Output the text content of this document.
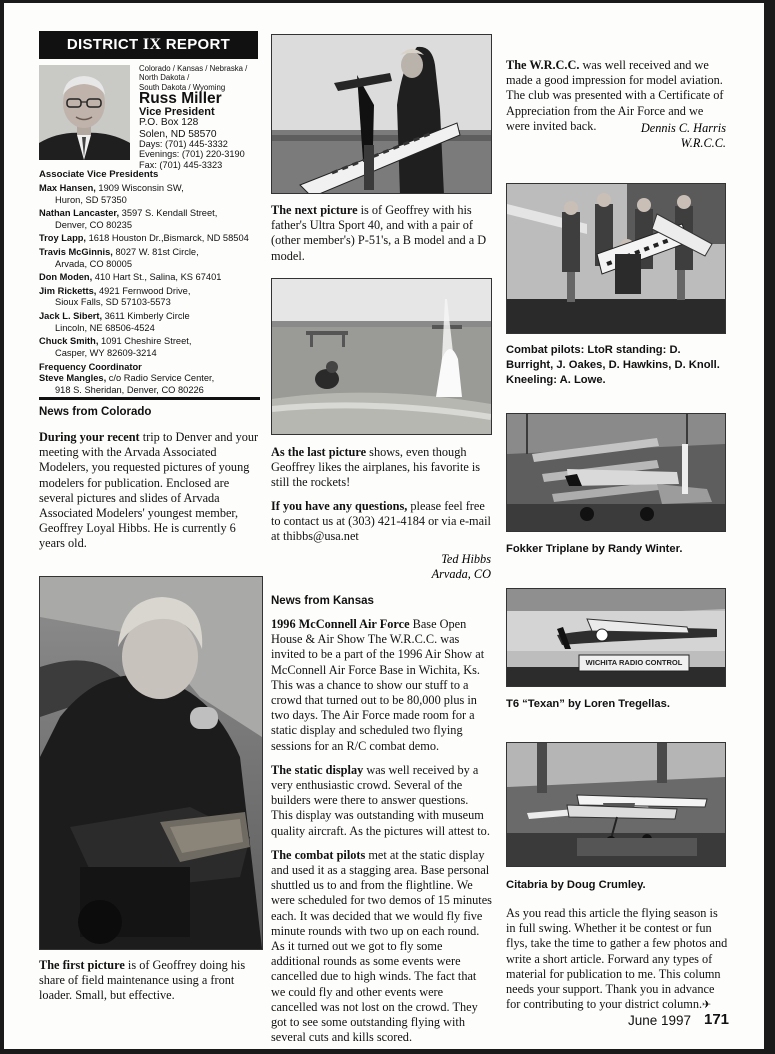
DISTRICT IX REPORT
Colorado / Kansas / Nebraska /
North Dakota /
South Dakota / Wyoming
Russ Miller
Vice President
P.O. Box 128
Solen, ND 58570
Days: (701) 445-3332
Evenings: (701) 220-3190
Fax: (701) 445-3323
Associate Vice Presidents
Max Hansen, 1909 Wisconsin SW,
Huron, SD 57350
Nathan Lancaster, 3597 S. Kendall Street,
Denver, CO 80235
Troy Lapp, 1618 Houston Dr.,Bismarck, ND 58504
Travis McGinnis, 8027 W. 81st Circle,
Arvada, CO 80005
Don Moden, 410 Hart St., Salina, KS 67401
Jim Ricketts, 4921 Fernwood Drive,
Sioux Falls, SD 57103-5573
Jack L. Sibert, 3611 Kimberly Circle
Lincoln, NE 68506-4524
Chuck Smith, 1091 Cheshire Street,
Casper, WY 82609-3214
Frequency Coordinator
Steve Mangles, c/o Radio Service Center,
918 S. Sheridan, Denver, CO 80226
News from Colorado
During your recent trip to Denver and your meeting with the Arvada Associated Modelers, you requested pictures of young modelers for publication. Enclosed are several pictures and slides of Arvada Associated Modelers' youngest member, Geoffrey Loyal Hibbs. He is currently 6 years old.
The first picture is of Geoffrey doing his share of field maintenance using a front loader. Small, but effective.
The next picture is of Geoffrey with his father's Ultra Sport 40, and with a pair of (other member's) P-51's, a B model and a D model.
As the last picture shows, even though Geoffrey likes the airplanes, his favorite is still the rockets!
If you have any questions, please feel free to contact us at (303) 421-4184 or via e-mail at thibbs@usa.net
Ted Hibbs
Arvada, CO
News from Kansas
1996 McConnell Air Force Base Open House & Air Show The W.R.C.C. was invited to be a part of the 1996 Air Show at McConnell Air Force Base in Wichita, Ks. This was a chance to show our stuff to a crowd that turned out to be 80,000 plus in two days. The Air Force made room for a static display and scheduled two flying sessions for an R/C combat demo.
The static display was well received by a very enthusiastic crowd. Several of the builders were there to answer questions. This display was outstanding with museum quality aircraft. As the pictures will attest to.
The combat pilots met at the static display and used it as a stagging area. Base personal shuttled us to and from the flightline. We were scheduled for two demos of 15 minutes each. It was decided that we would fly five minute rounds with two up on each round. As it turned out we got to fly some additional rounds as some events were cancelled due to high winds. The fact that we could fly and other events were cancelled was not lost on the crowd. They got to see some outstanding flying with several cuts and kills scored.
The W.R.C.C. was well received and we made a good impression for model aviation. The club was presented with a Certificate of Appreciation from the Air Force and we were invited back.	Dennis C. Harris
W.R.C.C.
Combat pilots: LtoR standing: D. Burright, J. Oakes, D. Hawkins, D. Knoll. Kneeling: A. Lowe.
Fokker Triplane by Randy Winter.
WICHITA RADIO CONTROL
T6 “Texan” by Loren Tregellas.
Citabria by Doug Crumley.
As you read this article the flying season is in full swing. Whether it be contest or fun flys, take the time to gather a few photos and write a short article. Forward any types of material for publication to me. This column needs your support. Thank you in advance for contributing to your district column.✈
June 1997 171
